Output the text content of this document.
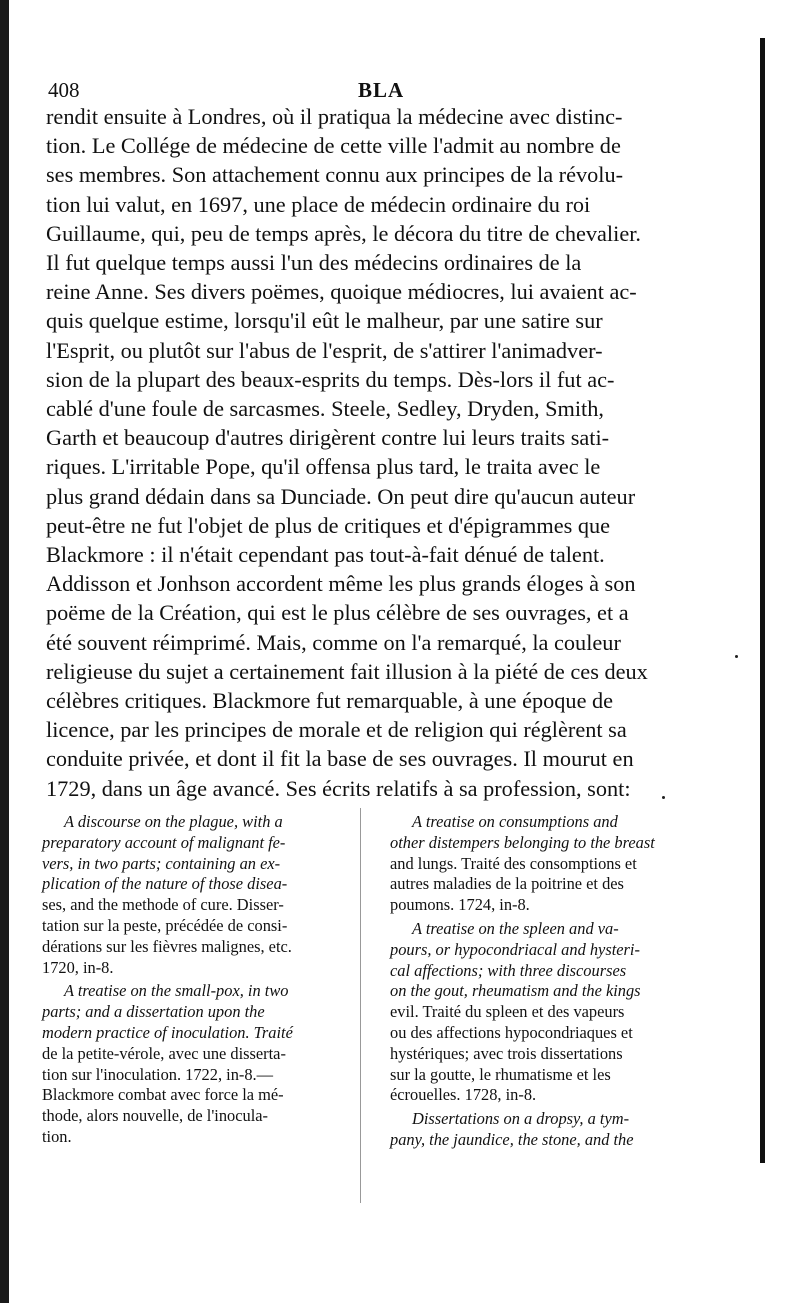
408	BLA
rendit ensuite à Londres, où il pratiqua la médecine avec distinc-
tion. Le Collége de médecine de cette ville l'admit au nombre de
ses membres. Son attachement connu aux principes de la révolu-
tion lui valut, en 1697, une place de médecin ordinaire du roi
Guillaume, qui, peu de temps après, le décora du titre de chevalier.
Il fut quelque temps aussi l'un des médecins ordinaires de la
reine Anne. Ses divers poëmes, quoique médiocres, lui avaient ac-
quis quelque estime, lorsqu'il eût le malheur, par une satire sur
l'Esprit, ou plutôt sur l'abus de l'esprit, de s'attirer l'animadver-
sion de la plupart des beaux-esprits du temps. Dès-lors il fut ac-
cablé d'une foule de sarcasmes. Steele, Sedley, Dryden, Smith,
Garth et beaucoup d'autres dirigèrent contre lui leurs traits sati-
riques. L'irritable Pope, qu'il offensa plus tard, le traita avec le
plus grand dédain dans sa Dunciade. On peut dire qu'aucun auteur
peut-être ne fut l'objet de plus de critiques et d'épigrammes que
Blackmore : il n'était cependant pas tout-à-fait dénué de talent.
Addisson et Jonhson accordent même les plus grands éloges à son
poëme de la Création, qui est le plus célèbre de ses ouvrages, et a
été souvent réimprimé. Mais, comme on l'a remarqué, la couleur
religieuse du sujet a certainement fait illusion à la piété de ces deux
célèbres critiques. Blackmore fut remarquable, à une époque de
licence, par les principes de morale et de religion qui réglèrent sa
conduite privée, et dont il fit la base de ses ouvrages. Il mourut en
1729, dans un âge avancé. Ses écrits relatifs à sa profession, sont:
A discourse on the plague, with a
preparatory account of malignant fe-
vers, in two parts; containing an ex-
plication of the nature of those disea-
ses, and the methode of cure. Disser-
tation sur la peste, précédée de consi-
dérations sur les fièvres malignes, etc.
1720, in-8.
A treatise on the small-pox, in two
parts; and a dissertation upon the
modern practice of inoculation. Traité
de la petite-vérole, avec une disserta-
tion sur l'inoculation. 1722, in-8.—
Blackmore combat avec force la mé-
thode, alors nouvelle, de l'inocula-
tion.
A treatise on consumptions and
other distempers belonging to the breast
and lungs. Traité des consomptions et
autres maladies de la poitrine et des
poumons. 1724, in-8.
A treatise on the spleen and va-
pours, or hypocondriacal and hysteri-
cal affections; with three discourses
on the gout, rheumatism and the kings
evil. Traité du spleen et des vapeurs
ou des affections hypocondriaques et
hystériques; avec trois dissertations
sur la goutte, le rhumatisme et les
écrouelles. 1728, in-8.
Dissertations on a dropsy, a tym-
pany, the jaundice, the stone, and the
